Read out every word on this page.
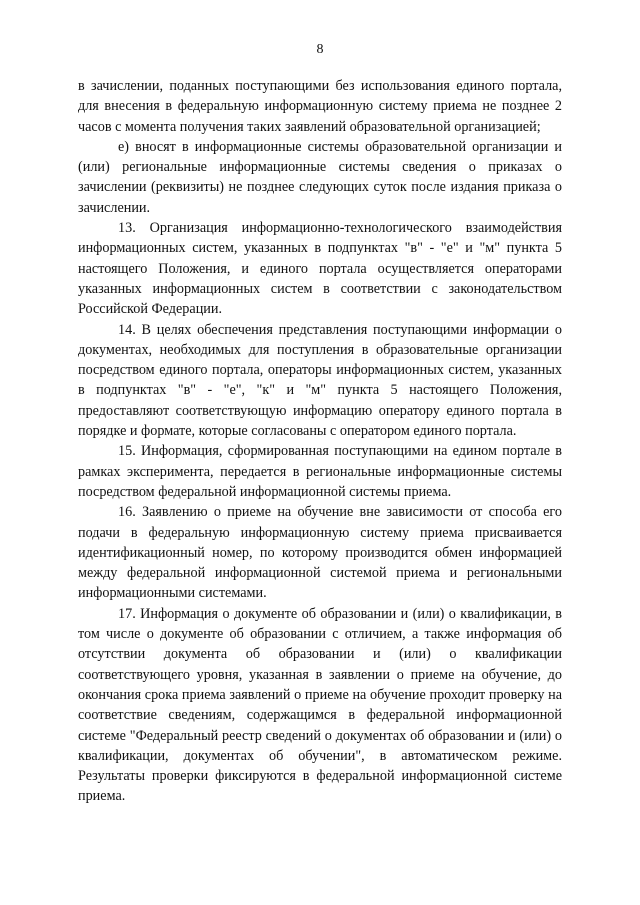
8

в зачислении, поданных поступающими без использования единого портала, для внесения в федеральную информационную систему приема не позднее 2 часов с момента получения таких заявлений образовательной организацией;

е) вносят в информационные системы образовательной организации и (или) региональные информационные системы сведения о приказах о зачислении (реквизиты) не позднее следующих суток после издания приказа о зачислении.

13. Организация информационно-технологического взаимодействия информационных систем, указанных в подпунктах "в" - "е" и "м" пункта 5 настоящего Положения, и единого портала осуществляется операторами указанных информационных систем в соответствии с законодательством Российской Федерации.

14. В целях обеспечения представления поступающими информации о документах, необходимых для поступления в образовательные организации посредством единого портала, операторы информационных систем, указанных в подпунктах "в" - "е", "к" и "м" пункта 5 настоящего Положения, предоставляют соответствующую информацию оператору единого портала в порядке и формате, которые согласованы с оператором единого портала.

15. Информация, сформированная поступающими на едином портале в рамках эксперимента, передается в региональные информационные системы посредством федеральной информационной системы приема.

16. Заявлению о приеме на обучение вне зависимости от способа его подачи в федеральную информационную систему приема присваивается идентификационный номер, по которому производится обмен информацией между федеральной информационной системой приема и региональными информационными системами.

17. Информация о документе об образовании и (или) о квалификации, в том числе о документе об образовании с отличием, а также информация об отсутствии документа об образовании и (или) о квалификации соответствующего уровня, указанная в заявлении о приеме на обучение, до окончания срока приема заявлений о приеме на обучение проходит проверку на соответствие сведениям, содержащимся в федеральной информационной системе "Федеральный реестр сведений о документах об образовании и (или) о квалификации, документах об обучении", в автоматическом режиме. Результаты проверки фиксируются в федеральной информационной системе приема.
